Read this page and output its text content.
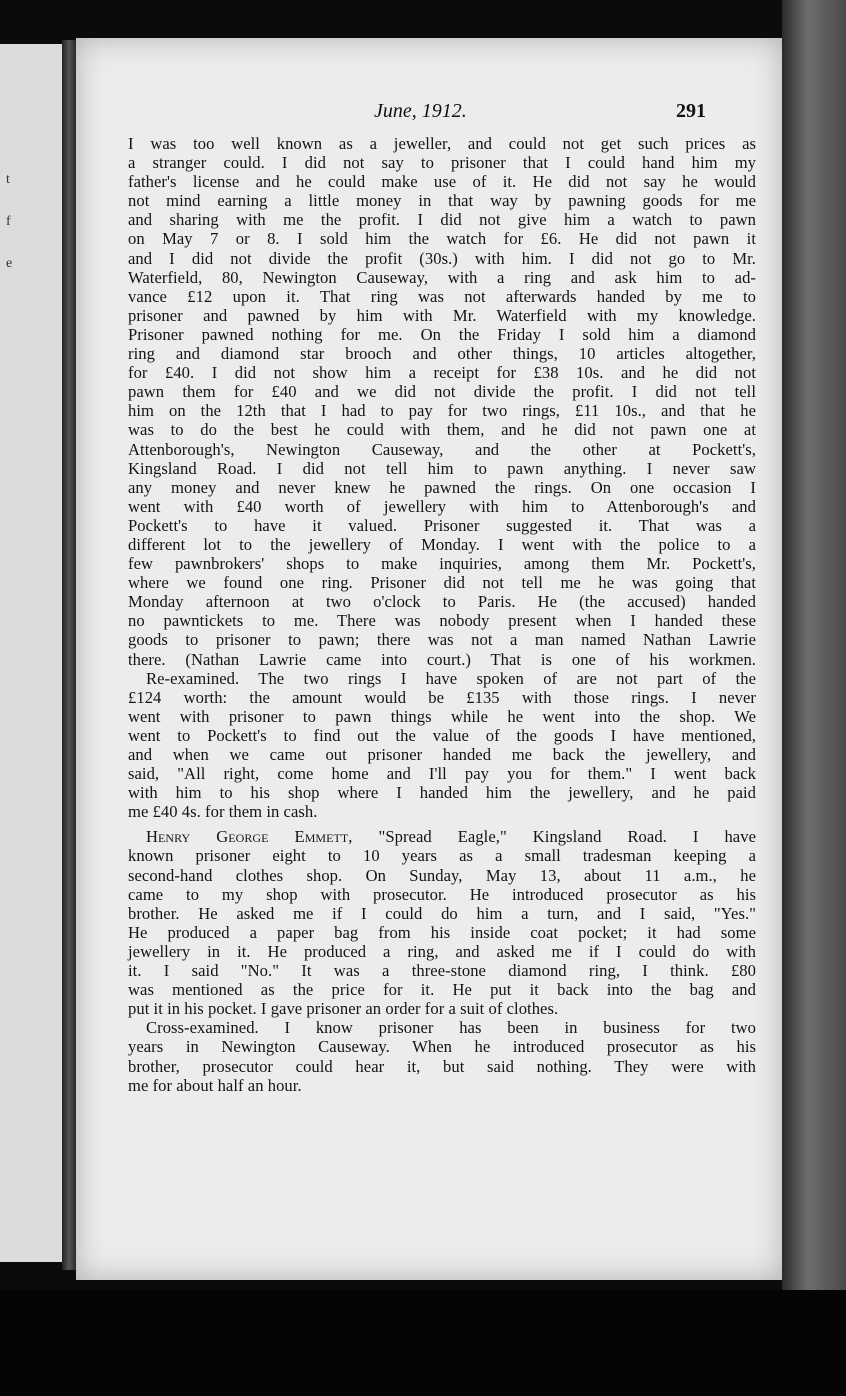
t
f
e
June, 1912.	291
I was too well known as a jeweller, and could not get such prices as
a stranger could. I did not say to prisoner that I could hand him my
father's license and he could make use of it. He did not say he would
not mind earning a little money in that way by pawning goods for me
and sharing with me the profit. I did not give him a watch to pawn
on May 7 or 8. I sold him the watch for £6. He did not pawn it
and I did not divide the profit (30s.) with him. I did not go to Mr.
Waterfield, 80, Newington Causeway, with a ring and ask him to ad-
vance £12 upon it. That ring was not afterwards handed by me to
prisoner and pawned by him with Mr. Waterfield with my knowledge.
Prisoner pawned nothing for me. On the Friday I sold him a diamond
ring and diamond star brooch and other things, 10 articles altogether,
for £40. I did not show him a receipt for £38 10s. and he did not
pawn them for £40 and we did not divide the profit. I did not tell
him on the 12th that I had to pay for two rings, £11 10s., and that he
was to do the best he could with them, and he did not pawn one at
Attenborough's, Newington Causeway, and the other at Pockett's,
Kingsland Road. I did not tell him to pawn anything. I never saw
any money and never knew he pawned the rings. On one occasion I
went with £40 worth of jewellery with him to Attenborough's and
Pockett's to have it valued. Prisoner suggested it. That was a
different lot to the jewellery of Monday. I went with the police to a
few pawnbrokers' shops to make inquiries, among them Mr. Pockett's,
where we found one ring. Prisoner did not tell me he was going that
Monday afternoon at two o'clock to Paris. He (the accused) handed
no pawntickets to me. There was nobody present when I handed these
goods to prisoner to pawn; there was not a man named Nathan Lawrie
there. (Nathan Lawrie came into court.) That is one of his workmen.
Re-examined. The two rings I have spoken of are not part of the
£124 worth: the amount would be £135 with those rings. I never
went with prisoner to pawn things while he went into the shop. We
went to Pockett's to find out the value of the goods I have mentioned,
and when we came out prisoner handed me back the jewellery, and
said, "All right, come home and I'll pay you for them." I went back
with him to his shop where I handed him the jewellery, and he paid
me £40 4s. for them in cash.
Henry George Emmett, "Spread Eagle," Kingsland Road. I have
known prisoner eight to 10 years as a small tradesman keeping a
second-hand clothes shop. On Sunday, May 13, about 11 a.m., he
came to my shop with prosecutor. He introduced prosecutor as his
brother. He asked me if I could do him a turn, and I said, "Yes."
He produced a paper bag from his inside coat pocket; it had some
jewellery in it. He produced a ring, and asked me if I could do with
it. I said "No." It was a three-stone diamond ring, I think. £80
was mentioned as the price for it. He put it back into the bag and
put it in his pocket. I gave prisoner an order for a suit of clothes.
Cross-examined. I know prisoner has been in business for two
years in Newington Causeway. When he introduced prosecutor as his
brother, prosecutor could hear it, but said nothing. They were with
me for about half an hour.
